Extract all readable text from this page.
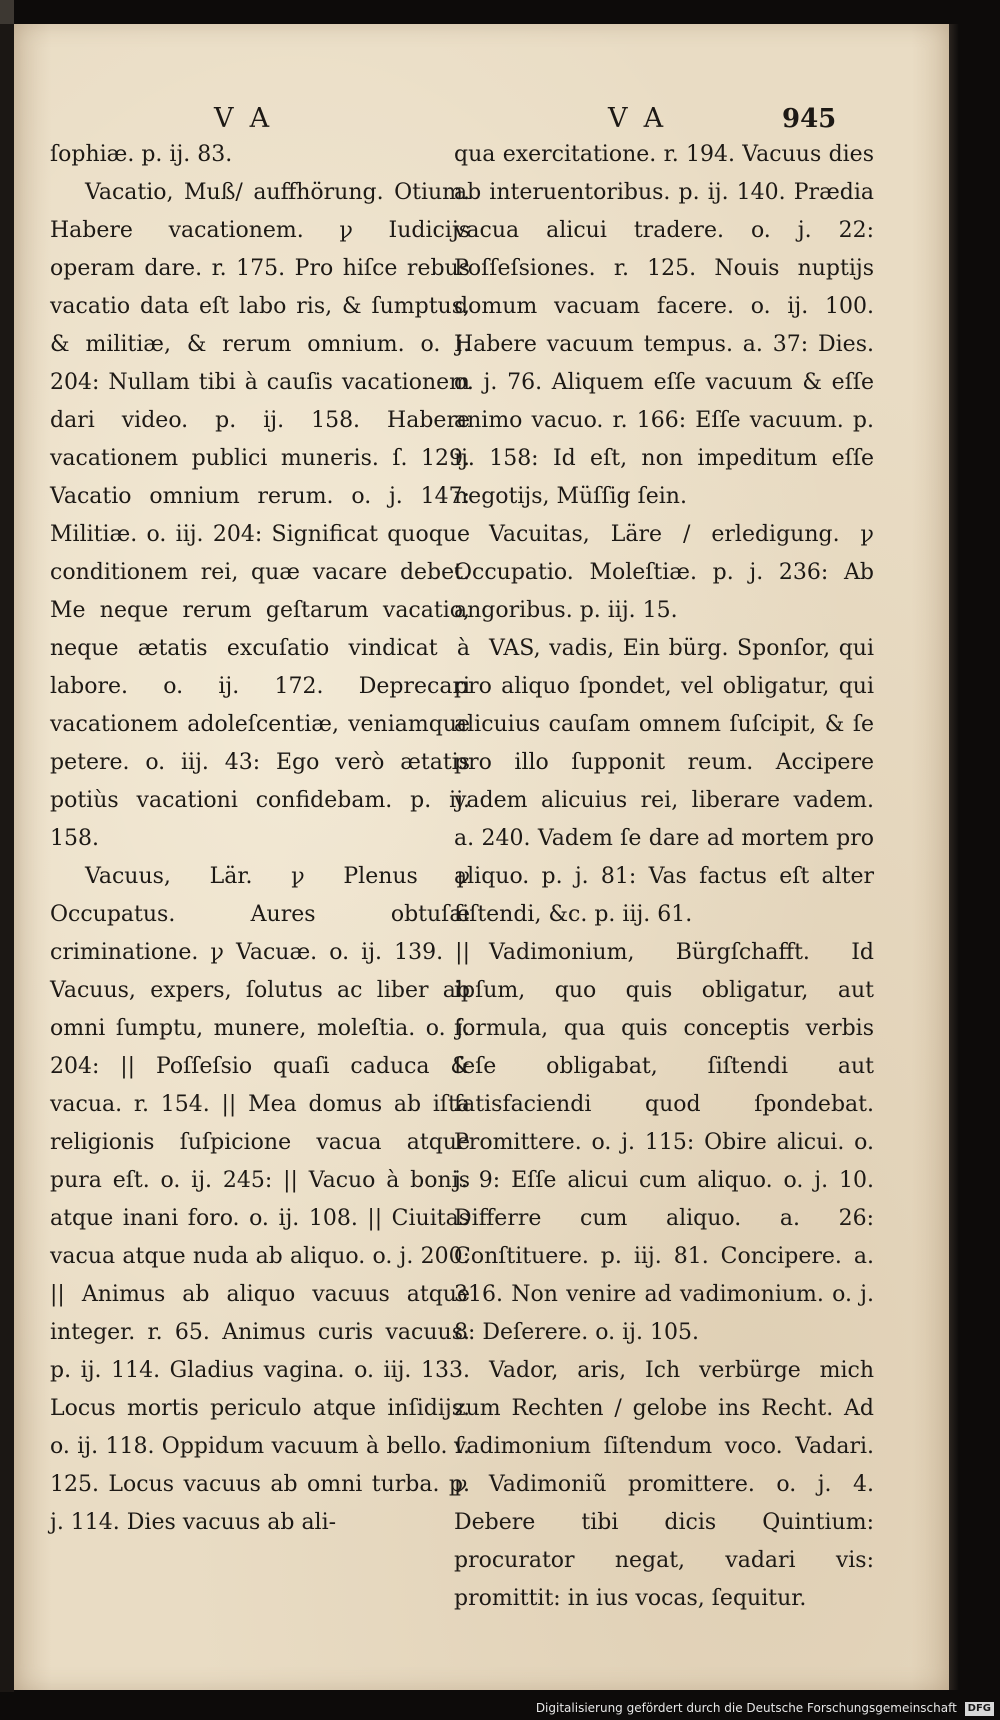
VA	VA	945

ſophiæ. p. ij. 83.

Vacatio, Muß/ auffhörung. Otium. Habere vacationem. ꝩ Iudicijs operam dare. r. 175. Pro hiſce rebus vacatio data eſt labo ris, & ſumptus, & militiæ, & rerum omnium. o. j. 204: Nullam tibi à cauſis vacationem dari video. p. ij. 158. Habere vacationem publici muneris. ſ. 129. Vacatio omnium rerum. o. j. 147: Militiæ. o. iij. 204: Significat quoque conditionem rei, quæ vacare debet. Me neque rerum geſtarum vacatio, neque ætatis excuſatio vindicat à labore. o. ij. 172. Deprecari vacationem adoleſcentiæ, veniamque petere. o. iij. 43: Ego verò ætatis potiùs vacationi confidebam. p. ij. 158.

Vacuus, Lär. ꝩ Plenus ꝩ Occupatus. Aures obtuſæ criminatione. ꝩ Vacuæ. o. ij. 139. || Vacuus, expers, ſolutus ac liber ab omni ſumptu, munere, moleſtia. o. j. 204: || Poſſeſsio quaſi caduca & vacua. r. 154. || Mea domus ab iſta religionis ſuſpicione vacua atque pura eſt. o. ij. 245: || Vacuo à bonis atque inani foro. o. ij. 108. || Ciuitas vacua atque nuda ab aliquo. o. j. 200: || Animus ab aliquo vacuus atque integer. r. 65. Animus curis vacuus. p. ij. 114. Gladius vagina. o. iij. 133. Locus mortis periculo atque inſidijs. o. ij. 118. Oppidum vacuum à bello. ſ. 125. Locus vacuus ab omni turba. p. j. 114. Dies vacuus ab ali-

qua exercitatione. r. 194. Vacuus dies ab interuentoribus. p. ij. 140. Prædia vacua alicui tradere. o. j. 22: Poſſeſsiones. r. 125. Nouis nuptijs domum vacuam facere. o. ij. 100. Habere vacuum tempus. a. 37: Dies. o. j. 76. Aliquem eſſe vacuum & eſſe animo vacuo. r. 166: Eſſe vacuum. p. ij. 158: Id eſt, non impeditum eſſe negotijs, Müſſig ſein.

Vacuitas, Läre / erledigung. ꝩ Occupatio. Moleſtiæ. p. j. 236: Ab angoribus. p. iij. 15.

VAS, vadis, Ein bürg. Sponſor, qui pro aliquo ſpondet, vel obligatur, qui alicuius cauſam omnem ſuſcipit, & ſe pro illo ſupponit reum. Accipere vadem alicuius rei, liberare vadem. a. 240. Vadem ſe dare ad mortem pro aliquo. p. j. 81: Vas factus eſt alter ſiſtendi, &c. p. iij. 61.

Vadimonium, Bürgſchafft. Id ipſum, quo quis obligatur, aut formula, qua quis conceptis verbis ſeſe obligabat, ſiſtendi aut ſatisfaciendi quod ſpondebat. Promittere. o. j. 115: Obire alicui. o. j. 9: Eſſe alicui cum aliquo. o. j. 10. Differre cum aliquo. a. 26: Conſtituere. p. iij. 81. Concipere. a. 316. Non venire ad vadimonium. o. j. 8: Deſerere. o. ij. 105.

Vador, aris, Ich verbürge mich zum Rechten / gelobe ins Recht. Ad vadimonium ſiſtendum voco. Vadari. ꝩ Vadimoniũ promittere. o. j. 4. Debere tibi dicis Quintium: procurator negat, vadari vis: promittit: in ius vocas, ſequitur.

Digitalisierung gefördert durch die Deutsche Forschungsgemeinschaft DFG
